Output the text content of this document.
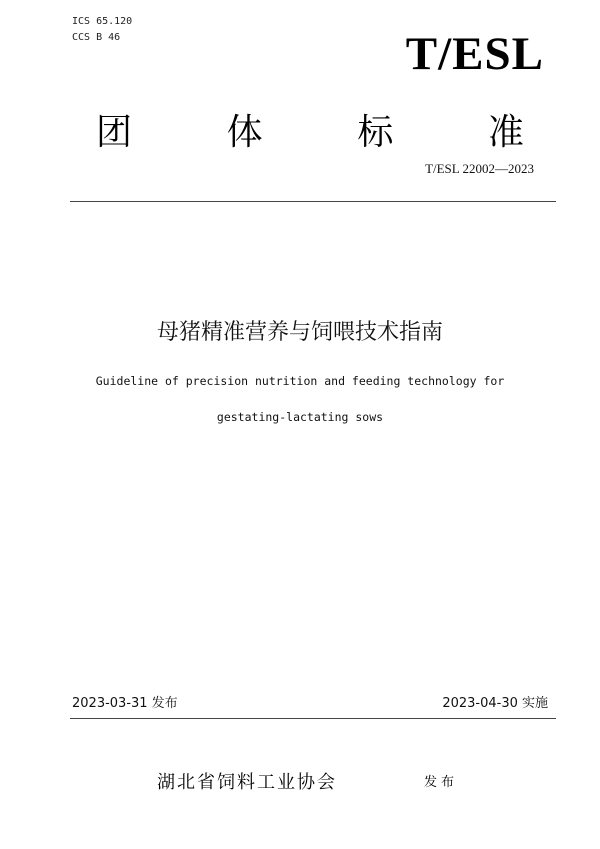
ICS 65.120
CCS B 46	T/ESL
团	体	标	准
T/ESL 22002—2023
母猪精准营养与饲喂技术指南
Guideline of precision nutrition and feeding technology for
gestating-lactating sows
2023-03-31 发布	2023-04-30 实施
湖北省饲料工业协会	发布
